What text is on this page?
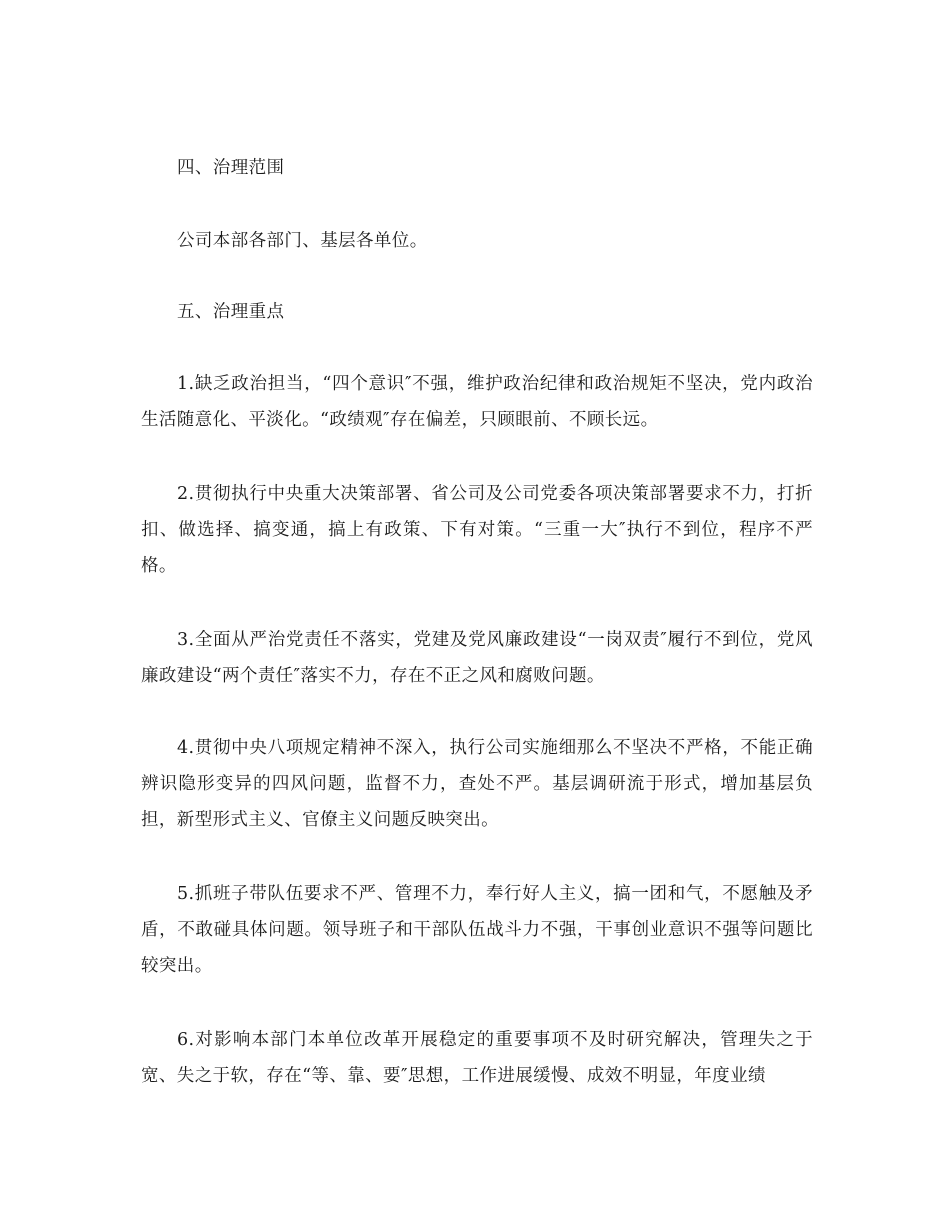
四、治理范围

公司本部各部门、基层各单位。

五、治理重点

1.缺乏政治担当，“四个意识″不强，维护政治纪律和政治规矩不坚决，党内政治生活随意化、平淡化。“政绩观″存在偏差，只顾眼前、不顾长远。

2.贯彻执行中央重大决策部署、省公司及公司党委各项决策部署要求不力，打折扣、做选择、搞变通，搞上有政策、下有对策。“三重一大″执行不到位，程序不严格。

3.全面从严治党责任不落实，党建及党风廉政建设“一岗双责″履行不到位，党风廉政建设“两个责任″落实不力，存在不正之风和腐败问题。

4.贯彻中央八项规定精神不深入，执行公司实施细那么不坚决不严格，不能正确辨识隐形变异的四风问题，监督不力，查处不严。基层调研流于形式，增加基层负担，新型形式主义、官僚主义问题反映突出。

5.抓班子带队伍要求不严、管理不力，奉行好人主义，搞一团和气，不愿触及矛盾，不敢碰具体问题。领导班子和干部队伍战斗力不强，干事创业意识不强等问题比较突出。

6.对影响本部门本单位改革开展稳定的重要事项不及时研究解决，管理失之于宽、失之于软，存在“等、靠、要″思想，工作进展缓慢、成效不明显，年度业绩
